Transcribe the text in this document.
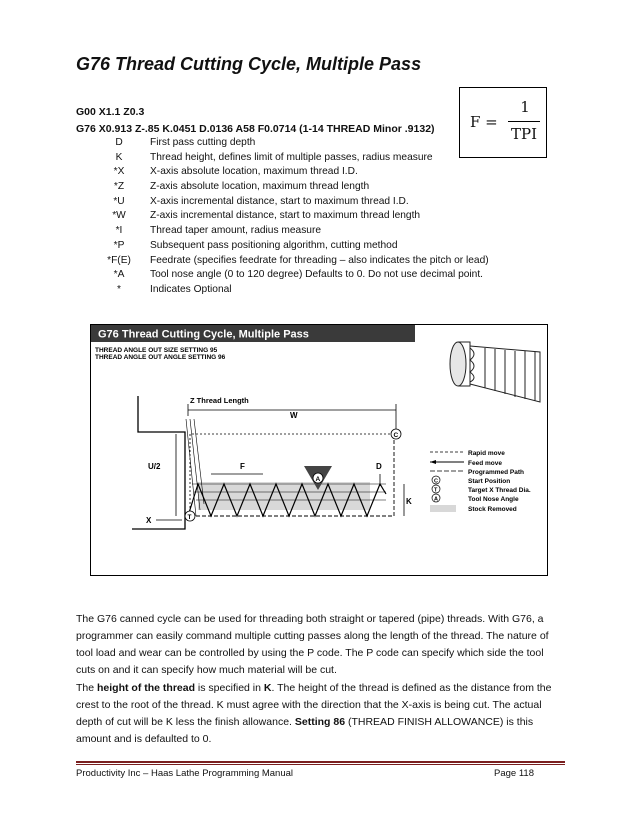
G76 Thread Cutting Cycle, Multiple Pass
G00 X1.1 Z0.3
G76 X0.913 Z-.85 K.0451 D.0136 A58 F0.0714 (1-14 THREAD Minor .9132) F =
1
TPI
D	First pass cutting depth
K	Thread height, defines limit of multiple passes, radius measure
*X	X-axis absolute location, maximum thread I.D.
*Z	Z-axis absolute location, maximum thread length
*U	X-axis incremental distance, start to maximum thread I.D.
*W	Z-axis incremental distance, start to maximum thread length
*I	Thread taper amount, radius measure
*P	Subsequent pass positioning algorithm, cutting method
*F(E)	Feedrate (specifies feedrate for threading – also indicates the pitch or lead)
*A	Tool nose angle (0 to 120 degree) Defaults to 0. Do not use decimal point.
*	Indicates Optional
G76 Thread Cutting Cycle, Multiple Pass
THREAD ANGLE OUT SIZE SETTING 95
THREAD ANGLE OUT ANGLE SETTING 96
Z Thread Length
W
U/2	F	D
K
X
A
C
T
Rapid move
Feed move
Programmed Path
C	Start Position
T	Target X Thread Dia.
A	Tool Nose Angle
Stock Removed
The G76 canned cycle can be used for threading both straight or tapered (pipe) threads. With G76, a programmer can easily command multiple cutting passes along the length of the thread. The nature of tool load and wear can be controlled by using the P code. The P code can specify which side the tool cuts on and it can specify how much material will be cut.
The height of the thread is specified in K. The height of the thread is defined as the distance from the crest to the root of the thread. K must agree with the direction that the X-axis is being cut. The actual depth of cut will be K less the finish allowance. Setting 86 (THREAD FINISH ALLOWANCE) is this amount and is defaulted to 0.
Productivity Inc – Haas Lathe Programming Manual	Page 118
